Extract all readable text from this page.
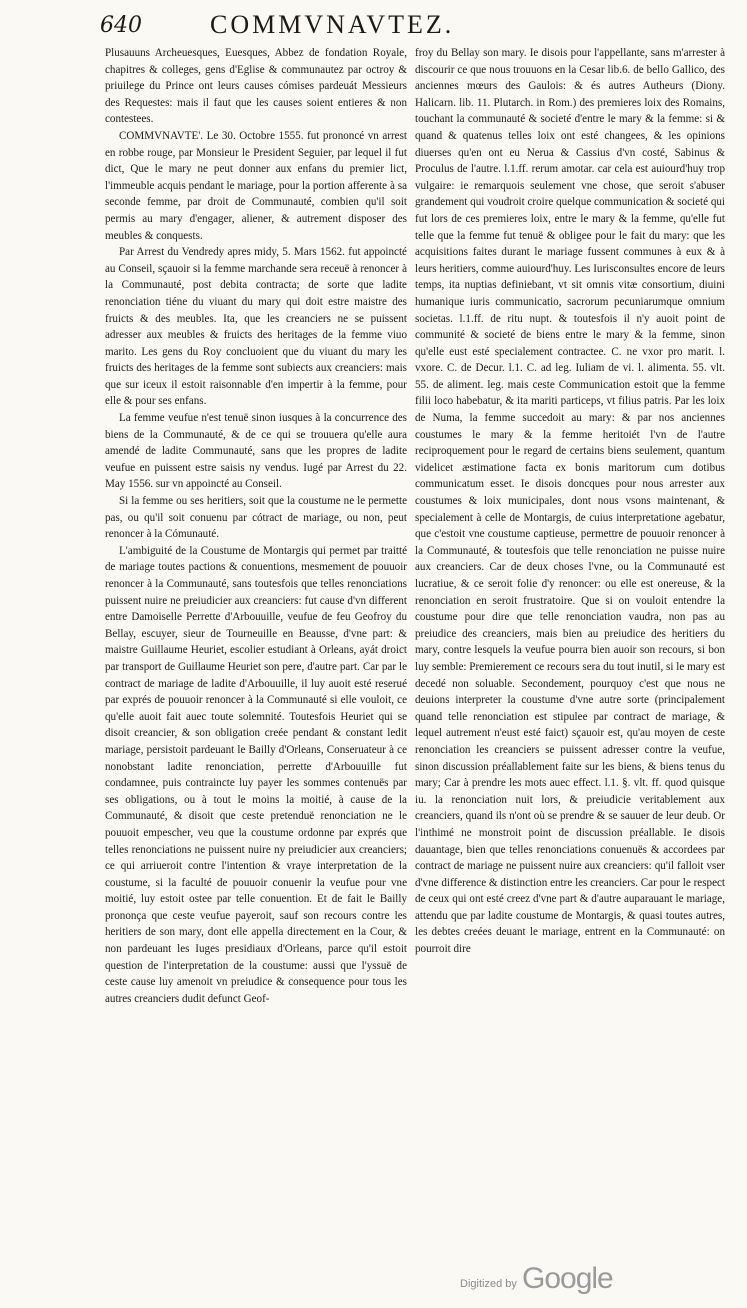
640	COMMVNAVTEZ.

Plusauuns Archeuesques, Euesques, Abbez de fondation Royale, chapitres & colleges, gens d'Eglise & communautez par octroy & priuilege du Prince ont leurs causes cómises pardeuát Messieurs des Requestes: mais il faut que les causes soient entieres & non contestees.

COMMVNAVTE'. Le 30. Octobre 1555. fut prononcé vn arrest en robbe rouge, par Monsieur le President Seguier, par lequel il fut dict, Que le mary ne peut donner aux enfans du premier lict, l'immeuble acquis pendant le mariage, pour la portion afferente à sa seconde femme, par droit de Communauté, combien qu'il soit permis au mary d'engager, aliener, & autrement disposer des meubles & conquests.

Par Arrest du Vendredy apres midy, 5. Mars 1562. fut appoincté au Conseil, sçauoir si la femme marchande sera receuë à renoncer à la Communauté, post debita contracta; de sorte que ladite renonciation tiéne du viuant du mary qui doit estre maistre des fruicts & des meubles. Ita, que les creanciers ne se puissent adresser aux meubles & fruicts des heritages de la femme viuo marito. Les gens du Roy concluoient que du viuant du mary les fruicts des heritages de la femme sont subiects aux creanciers: mais que sur iceux il estoit raisonnable d'en impertir à la femme, pour elle & pour ses enfans.

La femme veufue n'est tenuë sinon iusques à la concurrence des biens de la Communauté, & de ce qui se trouuera qu'elle aura amendé de ladite Communauté, sans que les propres de ladite veufue en puissent estre saisis ny vendus. Iugé par Arrest du 22. May 1556. sur vn appoincté au Conseil.

Si la femme ou ses heritiers, soit que la coustume ne le permette pas, ou qu'il soit conuenu par cótract de mariage, ou non, peut renoncer à la Cómunauté.

L'ambiguité de la Coustume de Montargis qui permet par traitté de mariage toutes pactions & conuentions, mesmement de pouuoir renoncer à la Communauté, sans toutesfois que telles renonciations puissent nuire ne preiudicier aux creanciers: fut cause d'vn different entre Damoiselle Perrette d'Arbouuille, veufue de feu Geofroy du Bellay, escuyer, sieur de Tourneuille en Beausse, d'vne part: & maistre Guillaume Heuriet, escolier estudiant à Orleans, ayát droict par transport de Guillaume Heuriet son pere, d'autre part. Car par le contract de mariage de ladite d'Arbouuille, il luy auoit esté reserué par exprés de pouuoir renoncer à la Communauté si elle vouloit, ce qu'elle auoit fait auec toute solemnité. Toutesfois Heuriet qui se disoit creancier, & son obligation creée pendant & constant ledit mariage, persistoit pardeuant le Bailly d'Orleans, Conseruateur à ce nonobstant ladite renonciation, perrette d'Arbouuille fut condamnee, puis contraincte luy payer les sommes contenuës par ses obligations, ou à tout le moins la moitié, à cause de la Communauté, & disoit que ceste pretenduë renonciation ne le pouuoit empescher, veu que la coustume ordonne par exprés que telles renonciations ne puissent nuire ny preiudicier aux creanciers; ce qui arriueroit contre l'intention & vraye interpretation de la coustume, si la faculté de pouuoir conuenir la veufue pour vne moitié, luy estoit ostee par telle conuention. Et de fait le Bailly prononça que ceste veufue payeroit, sauf son recours contre les heritiers de son mary, dont elle appella directement en la Cour, & non pardeuant les Iuges presidiaux d'Orleans, parce qu'il estoit question de l'interpretation de la coustume: aussi que l'yssuë de ceste cause luy amenoit vn preiudice & consequence pour tous les autres creanciers dudit defunct Geof-

froy du Bellay son mary. Ie disois pour l'appellante, sans m'arrester à discourir ce que nous trouuons en la Cesar lib.6. de bello Gallico, des anciennes mœurs des Gaulois: & és autres Autheurs (Diony. Halicarn. lib. 11. Plutarch. in Rom.) des premieres loix des Romains, touchant la communauté & societé d'entre le mary & la femme: si & quand & quatenus telles loix ont esté changees, & les opinions diuerses qu'en ont eu Nerua & Cassius d'vn costé, Sabinus & Proculus de l'autre. l.1.ff. rerum amotar. car cela est auiourd'huy trop vulgaire: ie remarquois seulement vne chose, que seroit s'abuser grandement qui voudroit croire quelque communication & societé qui fut lors de ces premieres loix, entre le mary & la femme, qu'elle fut telle que la femme fut tenuë & obligee pour le fait du mary: que les acquisitions faites durant le mariage fussent communes à eux & à leurs heritiers, comme auiourd'huy. Les Iurisconsultes encore de leurs temps, ita nuptias definiebant, vt sit omnis vitæ consortium, diuini humanique iuris communicatio, sacrorum pecuniarumque omnium societas. l.1.ff. de ritu nupt. & toutesfois il n'y auoit point de communité & societé de biens entre le mary & la femme, sinon qu'elle eust esté specialement contractee. C. ne vxor pro marit. l. vxore. C. de Decur. l.1. C. ad leg. Iuliam de vi. l. alimenta. 55. vlt. 55. de aliment. leg. mais ceste Communication estoit que la femme filii loco habebatur, & ita mariti particeps, vt filius patris. Par les loix de Numa, la femme succedoit au mary: & par nos anciennes coustumes le mary & la femme heritoiét l'vn de l'autre reciproquement pour le regard de certains biens seulement, quantum videlicet æstimatione facta ex bonis maritorum cum dotibus communicatum esset. Ie disois doncques pour nous arrester aux coustumes & loix municipales, dont nous vsons maintenant, & specialement à celle de Montargis, de cuius interpretatione agebatur, que c'estoit vne coustume captieuse, permettre de pouuoir renoncer à la Communauté, & toutesfois que telle renonciation ne puisse nuire aux creanciers. Car de deux choses l'vne, ou la Communauté est lucratiue, & ce seroit folie d'y renoncer: ou elle est onereuse, & la renonciation en seroit frustratoire. Que si on vouloit entendre la coustume pour dire que telle renonciation vaudra, non pas au preiudice des creanciers, mais bien au preiudice des heritiers du mary, contre lesquels la veufue pourra bien auoir son recours, si bon luy semble: Premierement ce recours sera du tout inutil, si le mary est decedé non soluable. Secondement, pourquoy c'est que nous ne deuions interpreter la coustume d'vne autre sorte (principalement quand telle renonciation est stipulee par contract de mariage, & lequel autrement n'eust esté faict) sçauoir est, qu'au moyen de ceste renonciation les creanciers se puissent adresser contre la veufue, sinon discussion préallablement faite sur les biens, & biens tenus du mary; Car à prendre les mots auec effect. l.1. §. vlt. ff. quod quisque iu. la renonciation nuit lors, & preiudicie veritablement aux creanciers, quand ils n'ont où se prendre & se sauuer de leur deub. Or l'inthimé ne monstroit point de discussion préallable. Ie disois dauantage, bien que telles renonciations conuenuës & accordees par contract de mariage ne puissent nuire aux creanciers: qu'il falloit vser d'vne difference & distinction entre les creanciers. Car pour le respect de ceux qui ont esté creez d'vne part & d'autre auparauant le mariage, attendu que par ladite coustume de Montargis, & quasi toutes autres, les debtes creées deuant le mariage, entrent en la Communauté: on pourroit dire

Digitized by Google
